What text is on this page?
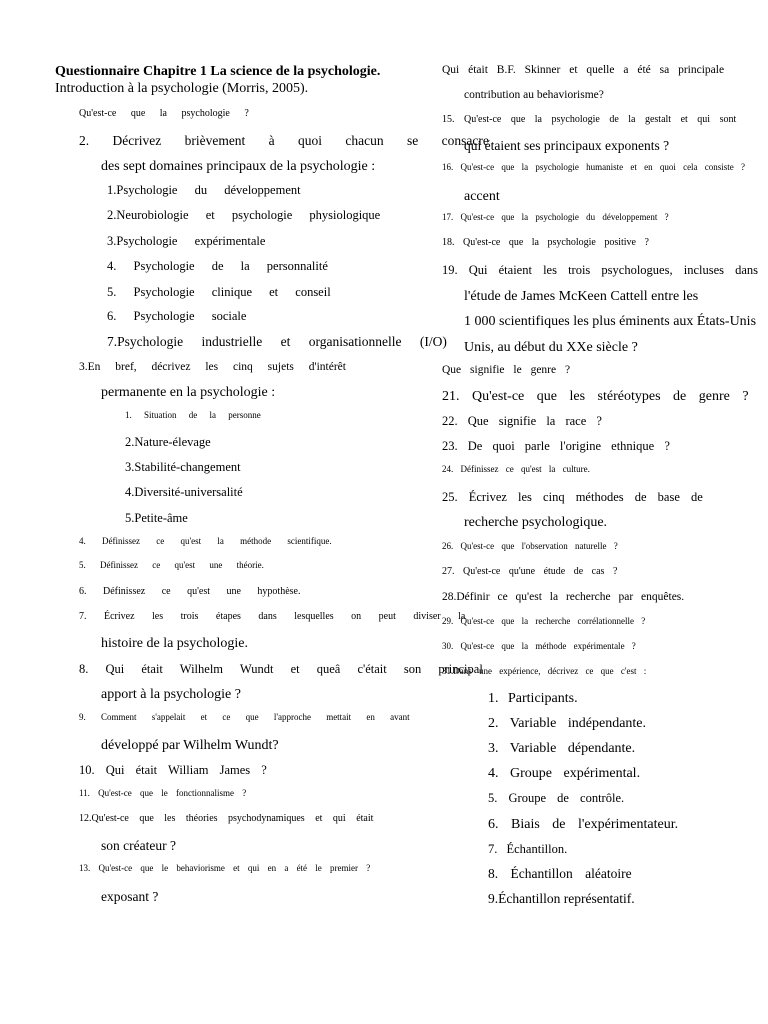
Questionnaire Chapitre 1 La science de la psychologie.
Introduction à la psychologie (Morris, 2005).
Qu'est-ce que la psychologie ?
2. Décrivez brièvement à quoi chacun se consacre
des sept domaines principaux de la psychologie :
1.Psychologie du développement
2.Neurobiologie et psychologie physiologique
3.Psychologie expérimentale
4. Psychologie de la personnalité
5. Psychologie clinique et conseil
6. Psychologie sociale
7.Psychologie industrielle et organisationnelle (I/O)
3.En bref, décrivez les cinq sujets d'intérêt
permanente en la psychologie :
1. Situation de la personne
2.Nature-élevage
3.Stabilité-changement
4.Diversité-universalité
5.Petite-âme
4. Définissez ce qu'est la méthode scientifique.
5. Définissez ce qu'est une théorie.
6. Définissez ce qu'est une hypothèse.
7. Écrivez les trois étapes dans lesquelles on peut diviser la
histoire de la psychologie.
8. Qui était Wilhelm Wundt et queâ c'était son principal
apport à la psychologie ?
9. Comment s'appelait et ce que l'approche mettait en avant
développé par Wilhelm Wundt?
10. Qui était William James ?
11. Qu'est-ce que le fonctionnalisme ?
12.Qu'est-ce que les théories psychodynamiques et qui était
son créateur ?
13. Qu'est-ce que le behaviorisme et qui en a été le premier ?
exposant ?
Qui était B.F. Skinner et quelle a été sa principale
contribution au behaviorisme?
15. Qu'est-ce que la psychologie de la gestalt et qui sont
qui étaient ses principaux exponents ?
16. Qu'est-ce que la psychologie humaniste et en quoi cela consiste ?
accent
17. Qu'est-ce que la psychologie du développement ?
18. Qu'est-ce que la psychologie positive ?
19. Qui étaient les trois psychologues, incluses dans
l'étude de James McKeen Cattell entre les
1 000 scientifiques les plus éminents aux États-Unis
Unis, au début du XXe siècle ?
Que signifie le genre ?
21. Qu'est-ce que les stéréotypes de genre ?
22. Que signifie la race ?
23. De quoi parle l'origine ethnique ?
24. Définissez ce qu'est la culture.
25. Écrivez les cinq méthodes de base de
recherche psychologique.
26. Qu'est-ce que l'observation naturelle ?
27. Qu'est-ce qu'une étude de cas ?
28.Définir ce qu'est la recherche par enquêtes.
29. Qu'est-ce que la recherche corrélationnelle ?
30. Qu'est-ce que la méthode expérimentale ?
31.Dans une expérience, décrivez ce que c'est :
1. Participants.
2. Variable indépendante.
3. Variable dépendante.
4. Groupe expérimental.
5. Groupe de contrôle.
6. Biais de l'expérimentateur.
7. Échantillon.
8. Échantillon aléatoire
9.Échantillon représentatif.
